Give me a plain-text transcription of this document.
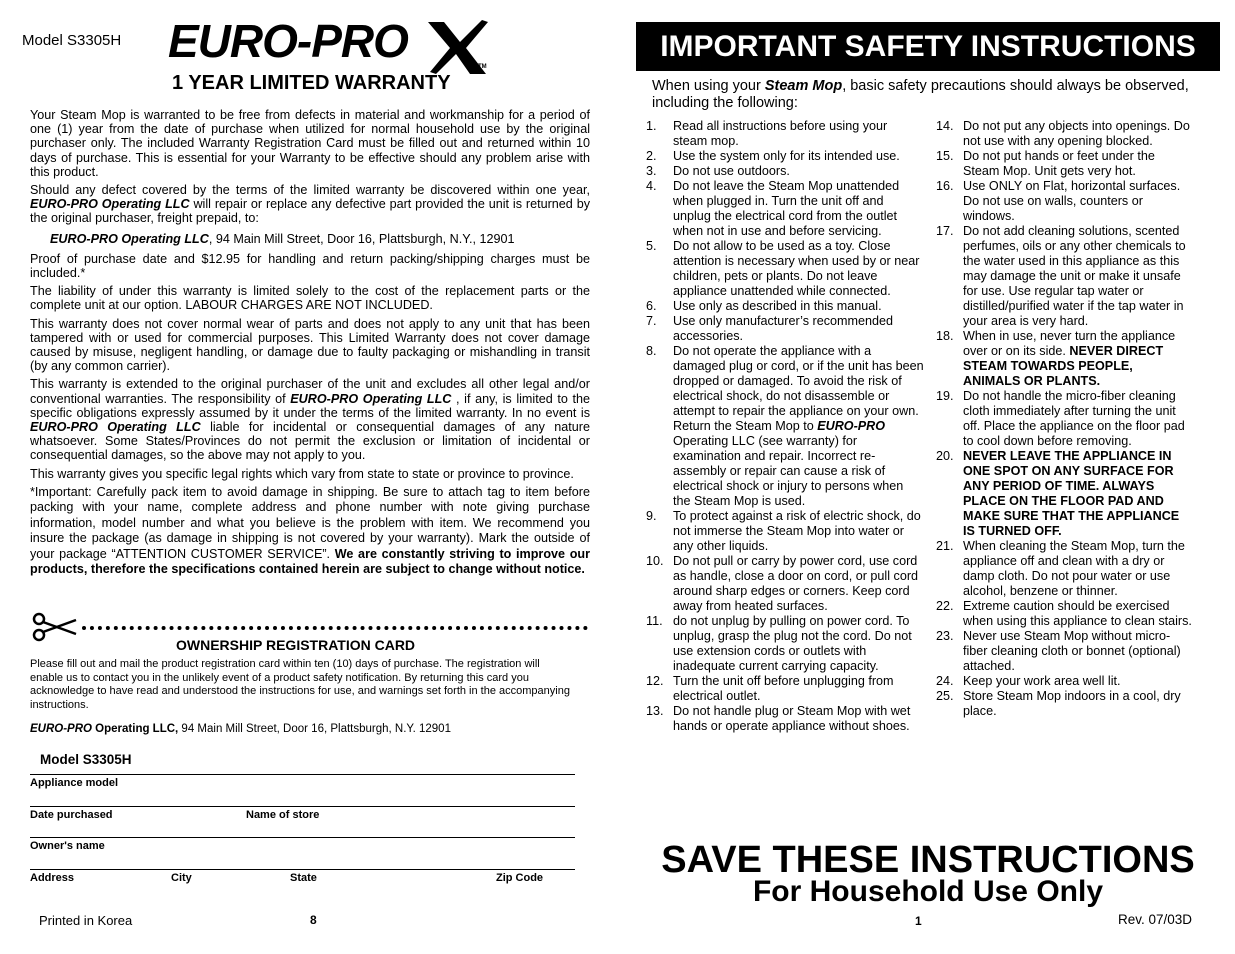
Model S3305H EURO-PRO	TM
1 YEAR LIMITED WARRANTY

Your Steam Mop is warranted to be free from defects in material and workmanship for a period of one (1) year from the date of purchase when utilized for normal household use by the original purchaser only. The included Warranty Registration Card must be filled out and returned within 10 days of purchase. This is essential for your Warranty to be effective should any problem arise with this product.

Should any defect covered by the terms of the limited warranty be discovered within one year, EURO-PRO Operating LLC will repair or replace any defective part provided the unit is returned by the original purchaser, freight prepaid, to:

EURO-PRO Operating LLC, 94 Main Mill Street, Door 16, Plattsburgh, N.Y., 12901

Proof of purchase date and $12.95 for handling and return packing/shipping charges must be included.*

The liability of under this warranty is limited solely to the cost of the replacement parts or the complete unit at our option. LABOUR CHARGES ARE NOT INCLUDED.

This warranty does not cover normal wear of parts and does not apply to any unit that has been tampered with or used for commercial purposes. This Limited Warranty does not cover damage caused by misuse, negligent handling, or damage due to faulty packaging or mishandling in transit (by any common carrier).

This warranty is extended to the original purchaser of the unit and excludes all other legal and/or conventional warranties. The responsibility of EURO-PRO Operating LLC , if any, is limited to the specific obligations expressly assumed by it under the terms of the limited warranty. In no event is EURO-PRO Operating LLC liable for incidental or consequential damages of any nature whatsoever. Some States/Provinces do not permit the exclusion or limitation of incidental or consequential damages, so the above may not apply to you.

This warranty gives you specific legal rights which vary from state to state or province to province.

*Important: Carefully pack item to avoid damage in shipping. Be sure to attach tag to item before packing with your name, complete address and phone number with note giving purchase information, model number and what you believe is the problem with item. We recommend you insure the package (as damage in shipping is not covered by your warranty). Mark the outside of your package “ATTENTION CUSTOMER SERVICE”. We are constantly striving to improve our products, therefore the specifications contained herein are subject to change without notice.

OWNERSHIP REGISTRATION CARD

Please fill out and mail the product registration card within ten (10) days of purchase. The registration will enable us to contact you in the unlikely event of a product safety notification. By returning this card you acknowledge to have read and understood the instructions for use, and warnings set forth in the accompanying instructions.

EURO-PRO Operating LLC, 94 Main Mill Street, Door 16, Plattsburgh, N.Y. 12901
Model S3305H
Appliance model
Date purchased	Name of store
Owner's name
Address	City	State	Zip Code
Printed in Korea	8
IMPORTANT SAFETY INSTRUCTIONS
When using your Steam Mop, basic safety precautions should always be observed, including the following:
1. Read all instructions before using your steam mop.
2. Use the system only for its intended use.
3. Do not use outdoors.
4. Do not leave the Steam Mop unattended when plugged in. Turn the unit off and unplug the electrical cord from the outlet when not in use and before servicing.
5. Do not allow to be used as a toy. Close attention is necessary when used by or near children, pets or plants. Do not leave appliance unattended while connected.
6. Use only as described in this manual.
7. Use only manufacturer’s recommended accessories.
8. Do not operate the appliance with a damaged plug or cord, or if the unit has been dropped or damaged. To avoid the risk of electrical shock, do not disassemble or attempt to repair the appliance on your own. Return the Steam Mop to EURO-PRO Operating LLC (see warranty) for examination and repair. Incorrect re-assembly or repair can cause a risk of electrical shock or injury to persons when the Steam Mop is used.
9. To protect against a risk of electric shock, do not immerse the Steam Mop into water or any other liquids.
10. Do not pull or carry by power cord, use cord as handle, close a door on cord, or pull cord around sharp edges or corners. Keep cord away from heated surfaces.
11. do not unplug by pulling on power cord. To unplug, grasp the plug not the cord. Do not use extension cords or outlets with inadequate current carrying capacity.
12. Turn the unit off before unplugging from electrical outlet.
13. Do not handle plug or Steam Mop with wet hands or operate appliance without shoes.
14. Do not put any objects into openings. Do not use with any opening blocked.
15. Do not put hands or feet under the Steam Mop. Unit gets very hot.
16. Use ONLY on Flat, horizontal surfaces. Do not use on walls, counters or windows.
17. Do not add cleaning solutions, scented perfumes, oils or any other chemicals to the water used in this appliance as this may damage the unit or make it unsafe for use. Use regular tap water or distilled/purified water if the tap water in your area is very hard.
18. When in use, never turn the appliance over or on its side. NEVER DIRECT STEAM TOWARDS PEOPLE, ANIMALS OR PLANTS.
19. Do not handle the micro-fiber cleaning cloth immediately after turning the unit off. Place the appliance on the floor pad to cool down before removing.
20. NEVER LEAVE THE APPLIANCE IN ONE SPOT ON ANY SURFACE FOR ANY PERIOD OF TIME. ALWAYS PLACE ON THE FLOOR PAD AND MAKE SURE THAT THE APPLIANCE IS TURNED OFF.
21. When cleaning the Steam Mop, turn the appliance off and clean with a dry or damp cloth. Do not pour water or use alcohol, benzene or thinner.
22. Extreme caution should be exercised when using this appliance to clean stairs.
23. Never use Steam Mop without micro-fiber cleaning cloth or bonnet (optional) attached.
24. Keep your work area well lit.
25. Store Steam Mop indoors in a cool, dry place.
SAVE THESE INSTRUCTIONS
For Household Use Only
1	Rev. 07/03D
